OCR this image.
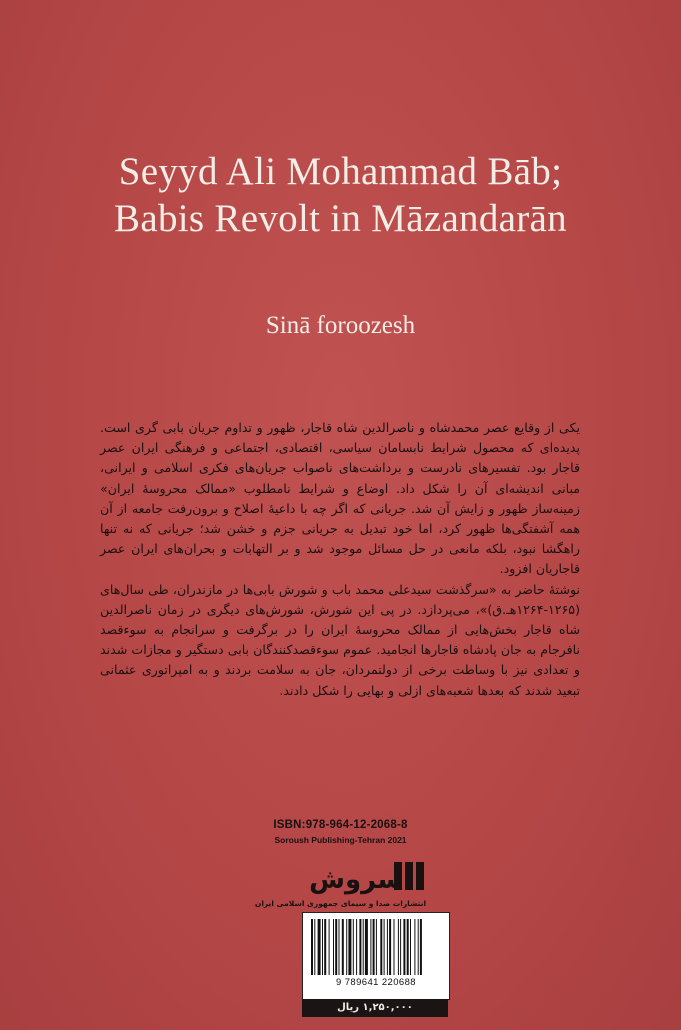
Seyyd Ali Mohammad Bāb;
Babis Revolt in Māzandarān
Sinā foroozesh

یکی از وقایع عصر محمدشاه و ناصرالدین شاه قاجار، ظهور و تداوم جریان بابی گری است. پدیده‌ای که محصول شرایط نابسامان سیاسی، اقتصادی، اجتماعی و فرهنگی ایران عصر قاجار بود. تفسیرهای نادرست و برداشت‌های ناصواب جریان‌های فکری اسلامی و ایرانی، مبانی اندیشه‌ای آن را شکل داد. اوضاع و شرایط نامطلوب «ممالک محروسهٔ ایران» زمینه‌ساز ظهور و زایش آن شد. جریانی که اگر چه با داعیهٔ اصلاح و برون‌رفت جامعه از آن همه آشفتگی‌ها ظهور کرد، اما خود تبدیل به جریانی جزم و خشن شد؛ جریانی که نه تنها راهگشا نبود، بلکه مانعی در حل مسائل موجود شد و بر التهابات و بحران‌های ایران عصر قاجاریان افزود.

نوشتهٔ حاضر به «سرگذشت سیدعلی محمد باب و شورش بابی‌ها در مازندران، طی سال‌های (۱۲۶۵-۱۲۶۴هـ.ق)»، می‌پردازد. در پی این شورش، شورش‌های دیگری در زمان ناصرالدین شاه قاجار بخش‌هایی از ممالک محروسهٔ ایران را در برگرفت و سرانجام به سوءقصد نافرجام به جان پادشاه قاجارها انجامید. عموم سوءقصدکنندگان بابی دستگیر و مجازات شدند و تعدادی نیز با وساطت برخی از دولتمردان، جان به سلامت بردند و به امپراتوری عثمانی تبعید شدند که بعدها شعبه‌های ازلی و بهایی را شکل دادند.

ISBN:978-964-12-2068-8
Soroush Publishing-Tehran 2021
سروش
انتشارات صدا و سیمای جمهوری اسلامی ایران
9 789641 220688
۱,۲۵۰,۰۰۰ ریال
